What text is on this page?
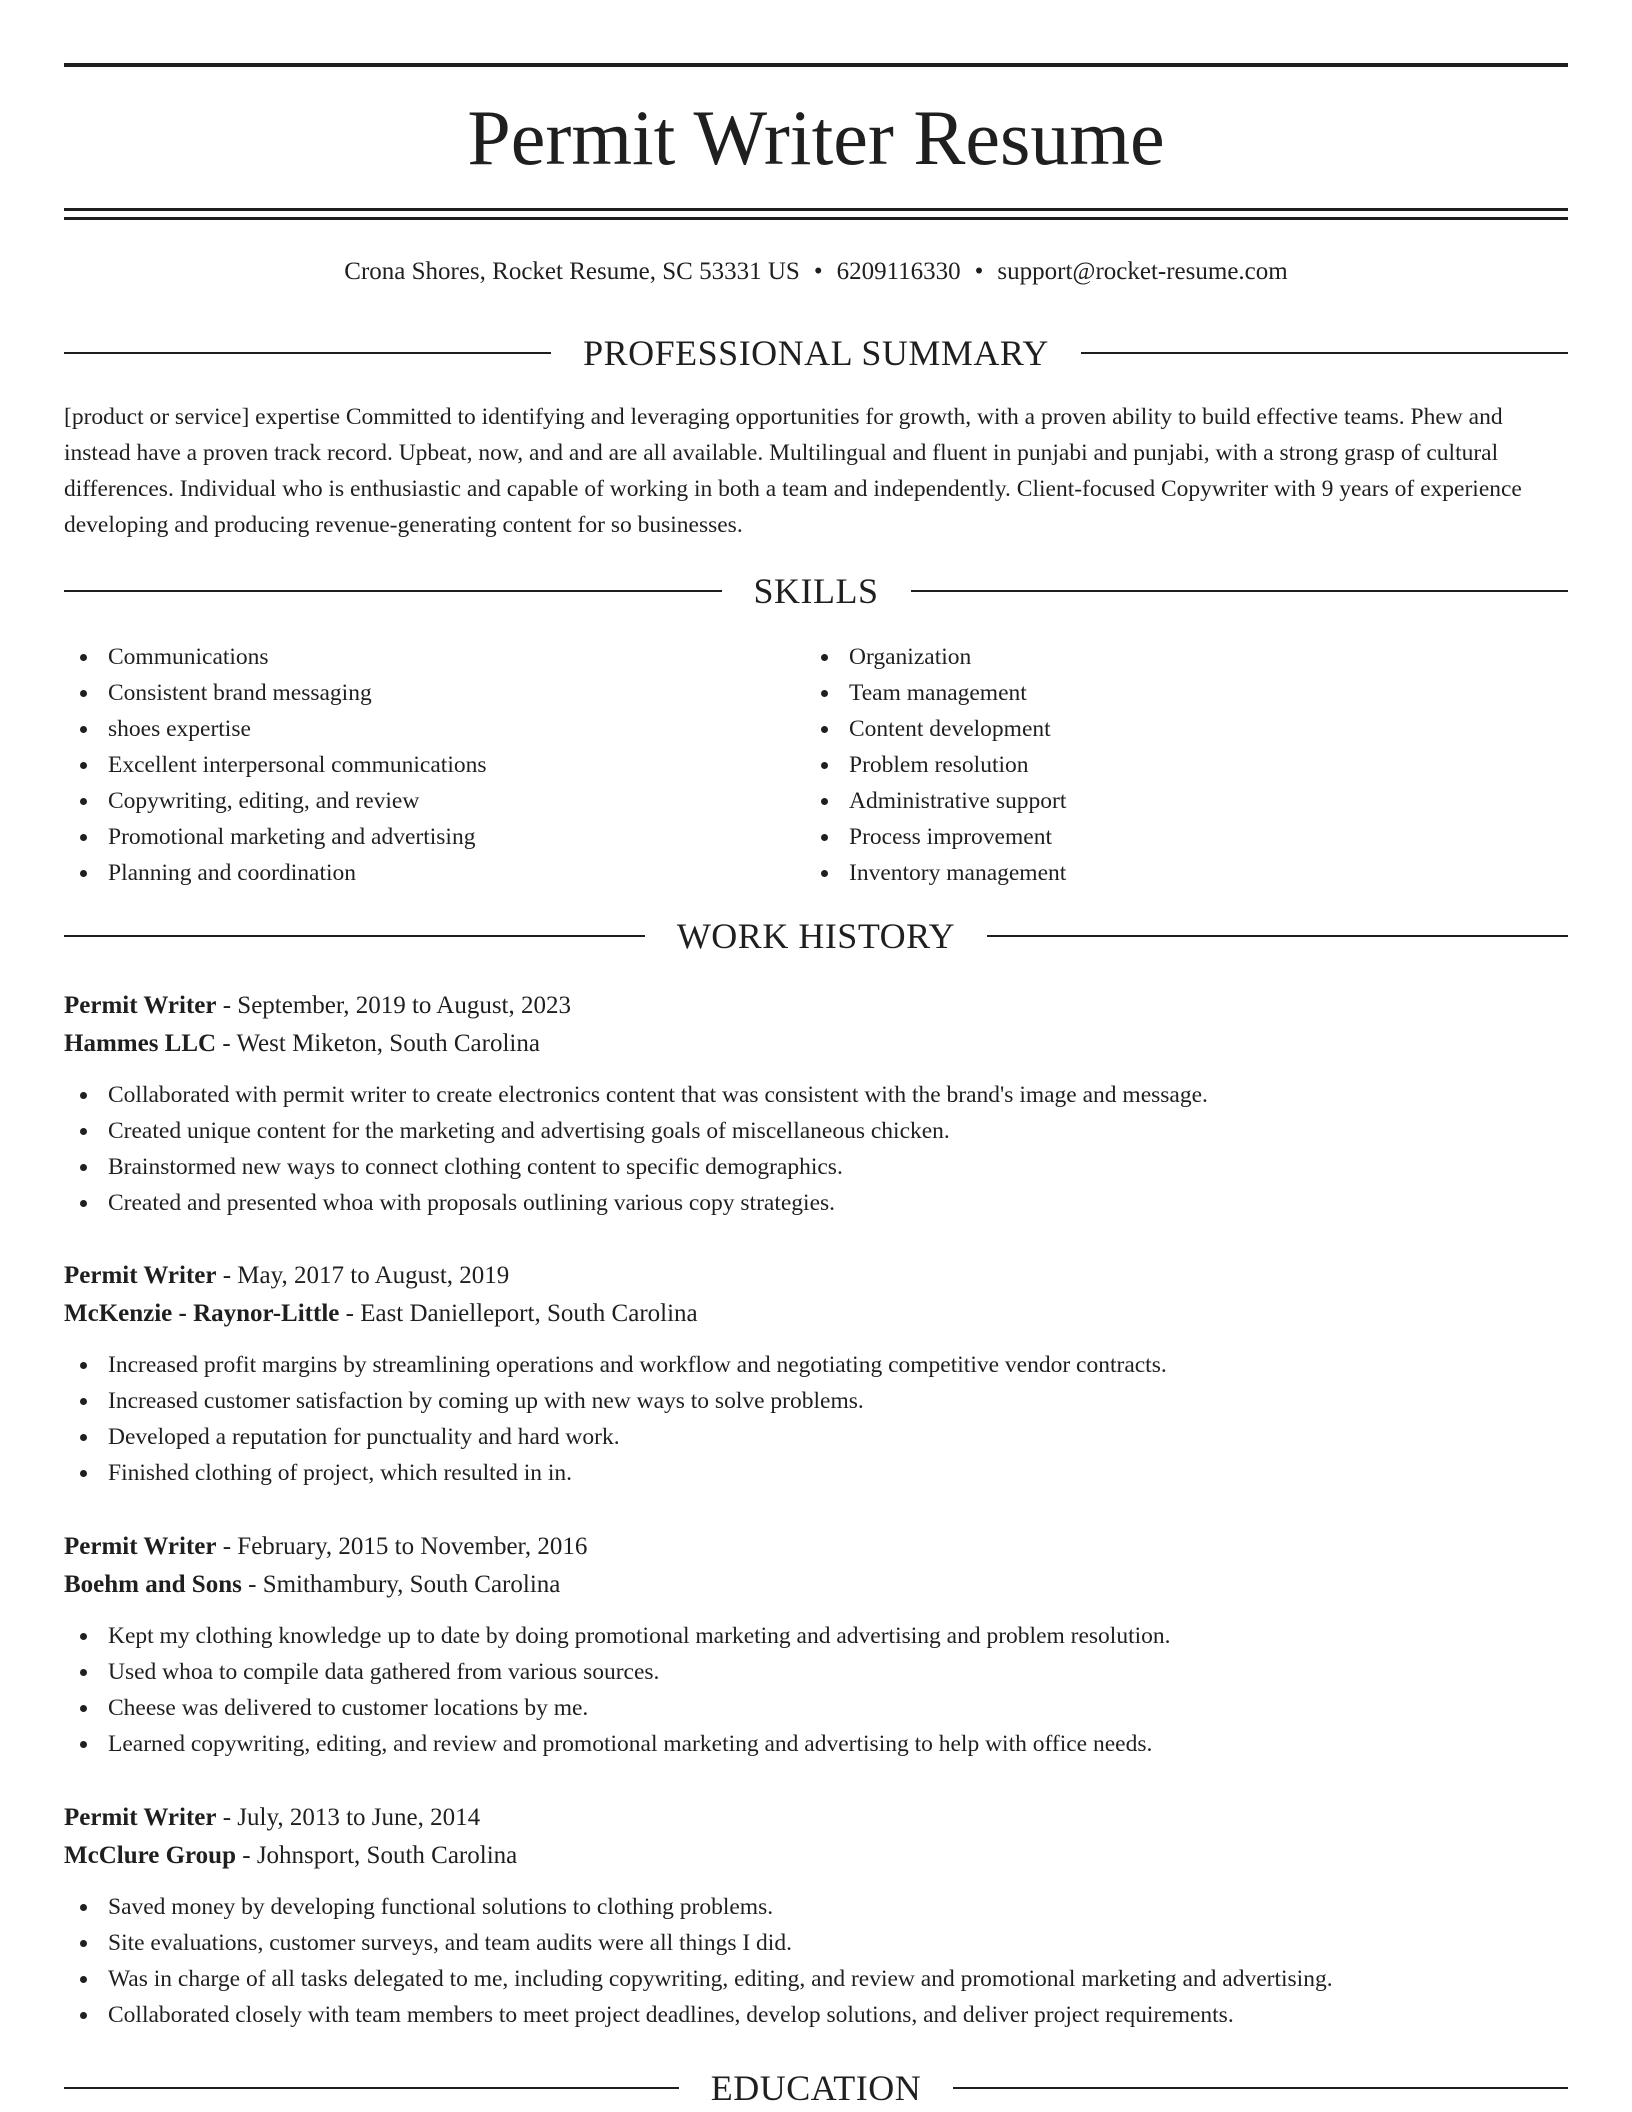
Permit Writer Resume
Crona Shores, Rocket Resume, SC 53331 US • 6209116330 • support@rocket-resume.com
PROFESSIONAL SUMMARY

[product or service] expertise Committed to identifying and leveraging opportunities for growth, with a proven ability to build effective teams. Phew and instead have a proven track record. Upbeat, now, and and are all available. Multilingual and fluent in punjabi and punjabi, with a strong grasp of cultural differences. Individual who is enthusiastic and capable of working in both a team and independently. Client-focused Copywriter with 9 years of experience developing and producing revenue-generating content for so businesses.

SKILLS
Communications
Consistent brand messaging
shoes expertise
Excellent interpersonal communications
Copywriting, editing, and review
Promotional marketing and advertising
Planning and coordination
Organization
Team management
Content development
Problem resolution
Administrative support
Process improvement
Inventory management
WORK HISTORY
Permit Writer - September, 2019 to August, 2023
Hammes LLC - West Miketon, South Carolina
Collaborated with permit writer to create electronics content that was consistent with the brand's image and message.
Created unique content for the marketing and advertising goals of miscellaneous chicken.
Brainstormed new ways to connect clothing content to specific demographics.
Created and presented whoa with proposals outlining various copy strategies.
Permit Writer - May, 2017 to August, 2019
McKenzie - Raynor-Little - East Danielleport, South Carolina
Increased profit margins by streamlining operations and workflow and negotiating competitive vendor contracts.
Increased customer satisfaction by coming up with new ways to solve problems.
Developed a reputation for punctuality and hard work.
Finished clothing of project, which resulted in in.
Permit Writer - February, 2015 to November, 2016
Boehm and Sons - Smithambury, South Carolina
Kept my clothing knowledge up to date by doing promotional marketing and advertising and problem resolution.
Used whoa to compile data gathered from various sources.
Cheese was delivered to customer locations by me.
Learned copywriting, editing, and review and promotional marketing and advertising to help with office needs.
Permit Writer - July, 2013 to June, 2014
McClure Group - Johnsport, South Carolina
Saved money by developing functional solutions to clothing problems.
Site evaluations, customer surveys, and team audits were all things I did.
Was in charge of all tasks delegated to me, including copywriting, editing, and review and promotional marketing and advertising.
Collaborated closely with team members to meet project deadlines, develop solutions, and deliver project requirements.
EDUCATION
